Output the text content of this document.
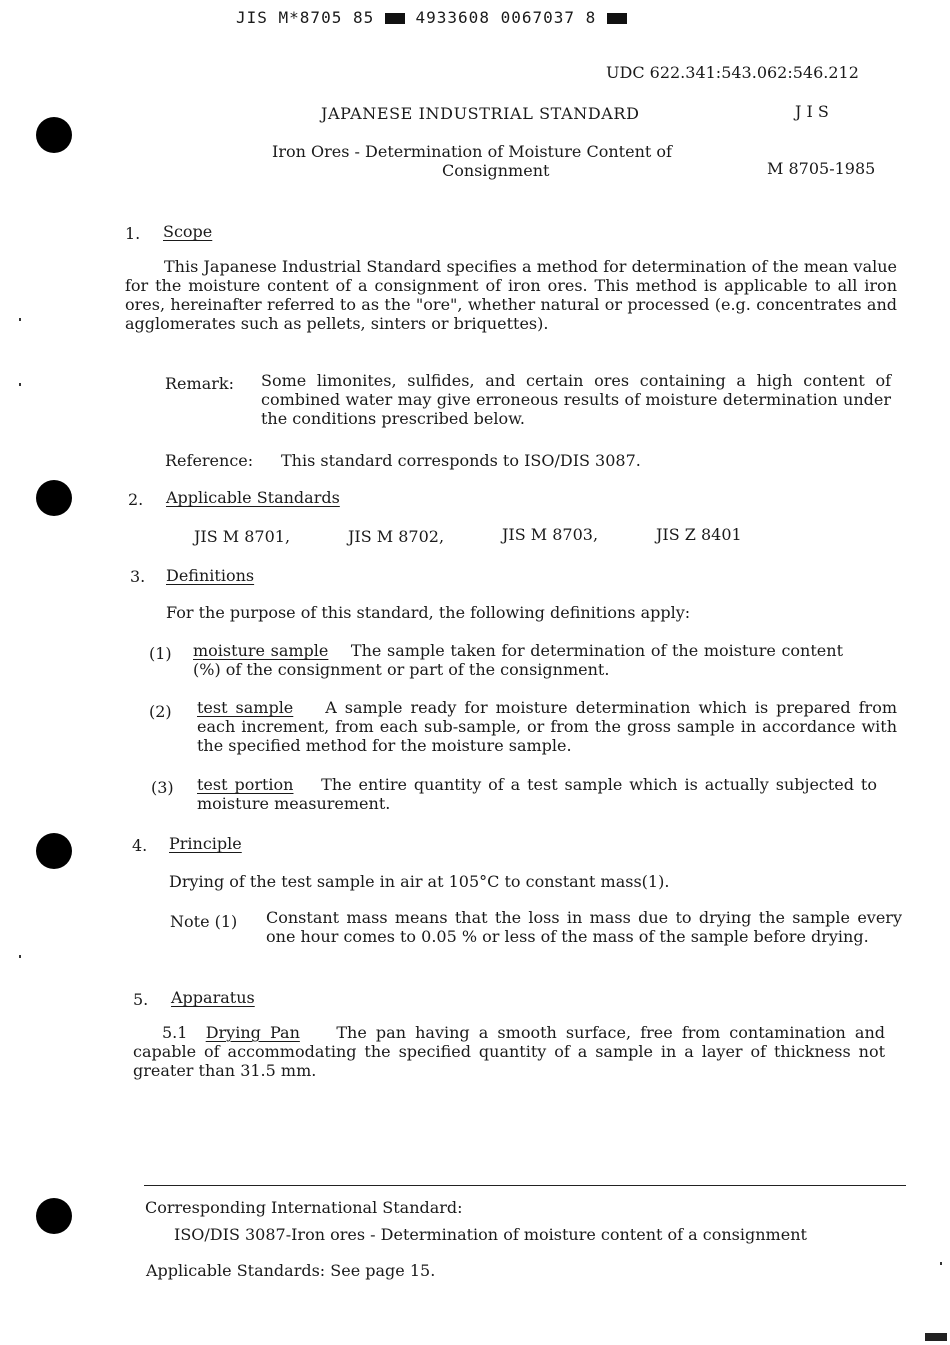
JIS M*8705 85	4933608 0067037 8
UDC 622.341:543.062:546.212
JAPANESE INDUSTRIAL STANDARD	J I S
Iron Ores - Determination of Moisture Content of
Consignment	M 8705-1985
1. Scope

This Japanese Industrial Standard specifies a method for determination of the mean value for the moisture content of a consignment of iron ores. This method is applicable to all iron ores, hereinafter referred to as the "ore", whether natural or processed (e.g. concentrates and agglomerates such as pellets, sinters or briquettes).

Remark: Some limonites, sulfides, and certain ores containing a high content of combined water may give erroneous results of moisture determination under the conditions prescribed below.

Reference: This standard corresponds to ISO/DIS 3087.
2. Applicable Standards
JIS M 8701,	JIS M 8702,	JIS M 8703,	JIS Z 8401
3. Definitions
For the purpose of this standard, the following definitions apply:
(1) moisture sample The sample taken for determination of the moisture content (%) of the consignment or part of the consignment.

(2) test sample A sample ready for moisture determination which is prepared from each increment, from each sub-sample, or from the gross sample in accordance with the specified method for the moisture sample.

(3) test portion The entire quantity of a test sample which is actually subjected to moisture measurement.

4. Principle
Drying of the test sample in air at 105°C to constant mass(1).
Note (1) Constant mass means that the loss in mass due to drying the sample every one hour comes to 0.05 % or less of the mass of the sample before drying.

5. Apparatus

5.1 Drying Pan The pan having a smooth surface, free from contamination and capable of accommodating the specified quantity of a sample in a layer of thickness not greater than 31.5 mm.

Corresponding International Standard:
ISO/DIS 3087-Iron ores - Determination of moisture content of a consignment
Applicable Standards: See page 15.
